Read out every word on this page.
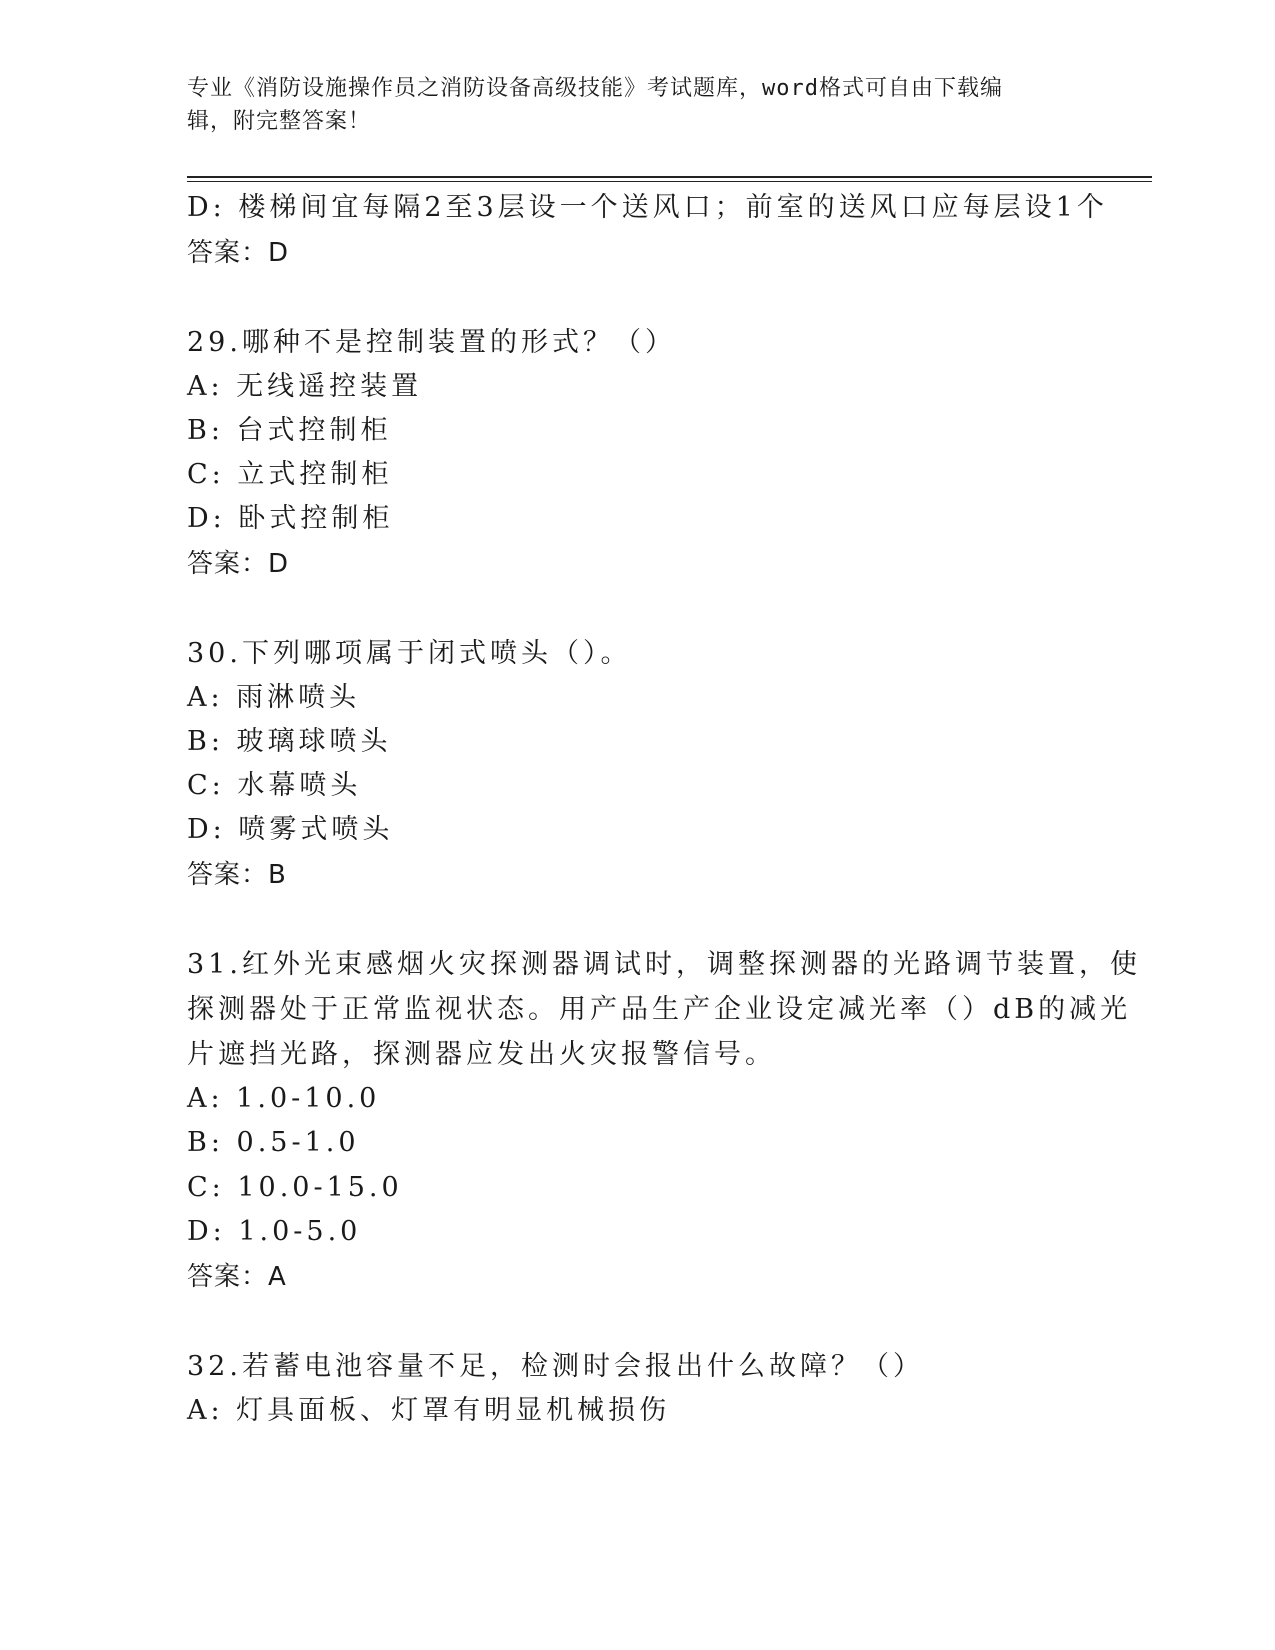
专业《消防设施操作员之消防设备高级技能》考试题库，word格式可自由下载编
辑，附完整答案！
D: 楼梯间宜每隔2至3层设一个送风口；前室的送风口应每层设1个
答案：D
29.哪种不是控制装置的形式？（）
A: 无线遥控装置
B: 台式控制柜
C: 立式控制柜
D: 卧式控制柜
答案：D
30.下列哪项属于闭式喷头（）。
A: 雨淋喷头
B: 玻璃球喷头
C: 水幕喷头
D: 喷雾式喷头
答案：B
31.红外光束感烟火灾探测器调试时，调整探测器的光路调节装置，使
探测器处于正常监视状态。用产品生产企业设定减光率（）dB的减光
片遮挡光路，探测器应发出火灾报警信号。
A: 1.0-10.0
B: 0.5-1.0
C: 10.0-15.0
D: 1.0-5.0
答案：A
32.若蓄电池容量不足，检测时会报出什么故障？（）
A: 灯具面板、灯罩有明显机械损伤
